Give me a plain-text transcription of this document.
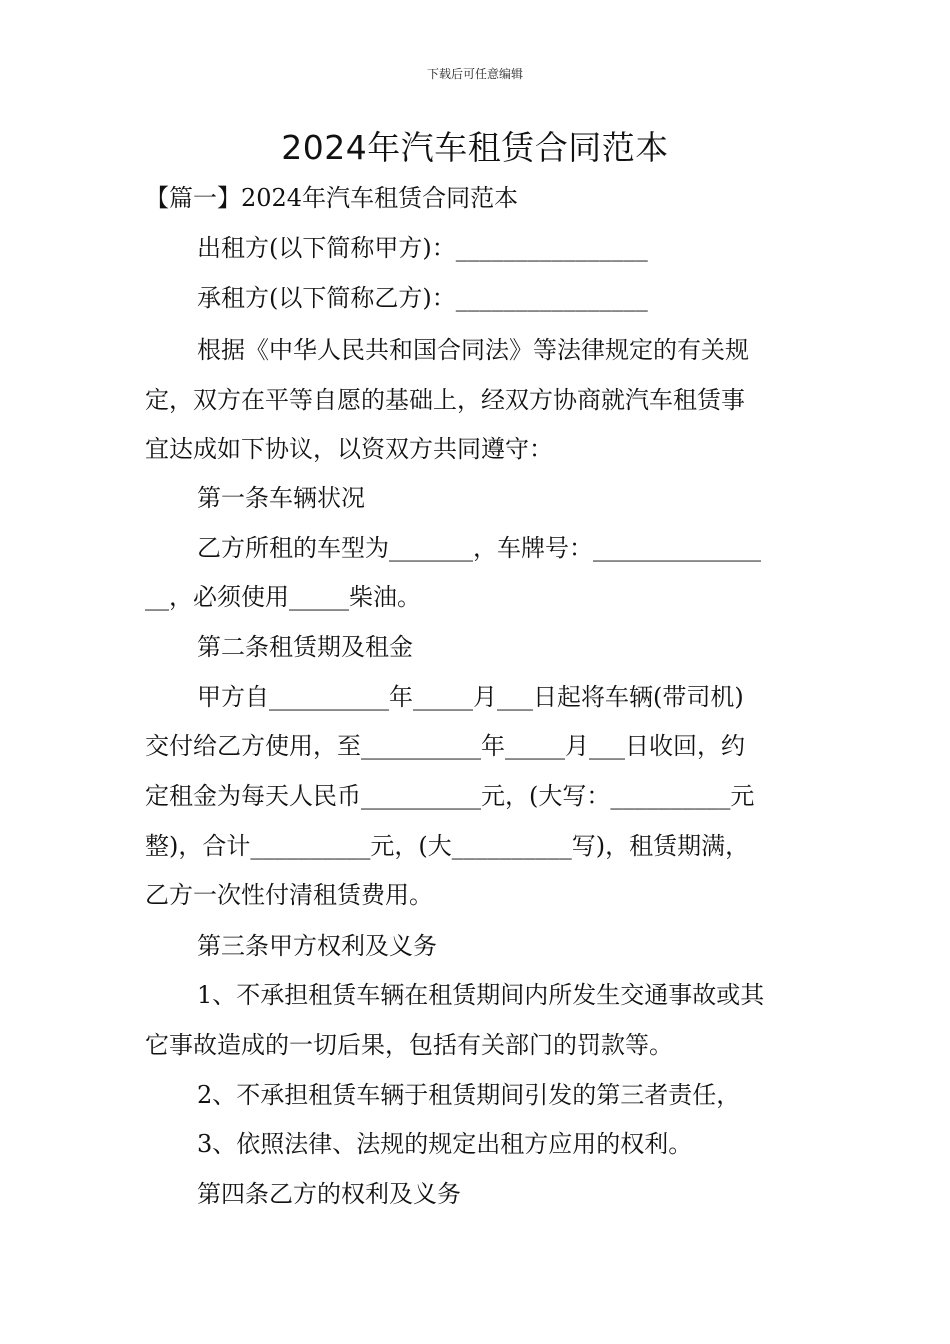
下载后可任意编辑
2024年汽车租赁合同范本
【篇一】2024年汽车租赁合同范本
出租方(以下简称甲方)：________________
承租方(以下简称乙方)：________________
根据《中华人民共和国合同法》等法律规定的有关规
定，双方在平等自愿的基础上，经双方协商就汽车租赁事
宜达成如下协议，以资双方共同遵守：
第一条车辆状况
乙方所租的车型为_______，车牌号：______________
__，必须使用_____柴油。
第二条租赁期及租金
甲方自__________年_____月___日起将车辆(带司机)
交付给乙方使用，至__________年_____月___日收回，约
定租金为每天人民币__________元，(大写：__________元
整)，合计__________元，(大__________写)，租赁期满，
乙方一次性付清租赁费用。
第三条甲方权利及义务
1、不承担租赁车辆在租赁期间内所发生交通事故或其
它事故造成的一切后果，包括有关部门的罚款等。
2、不承担租赁车辆于租赁期间引发的第三者责任，
3、依照法律、法规的规定出租方应用的权利。
第四条乙方的权利及义务
